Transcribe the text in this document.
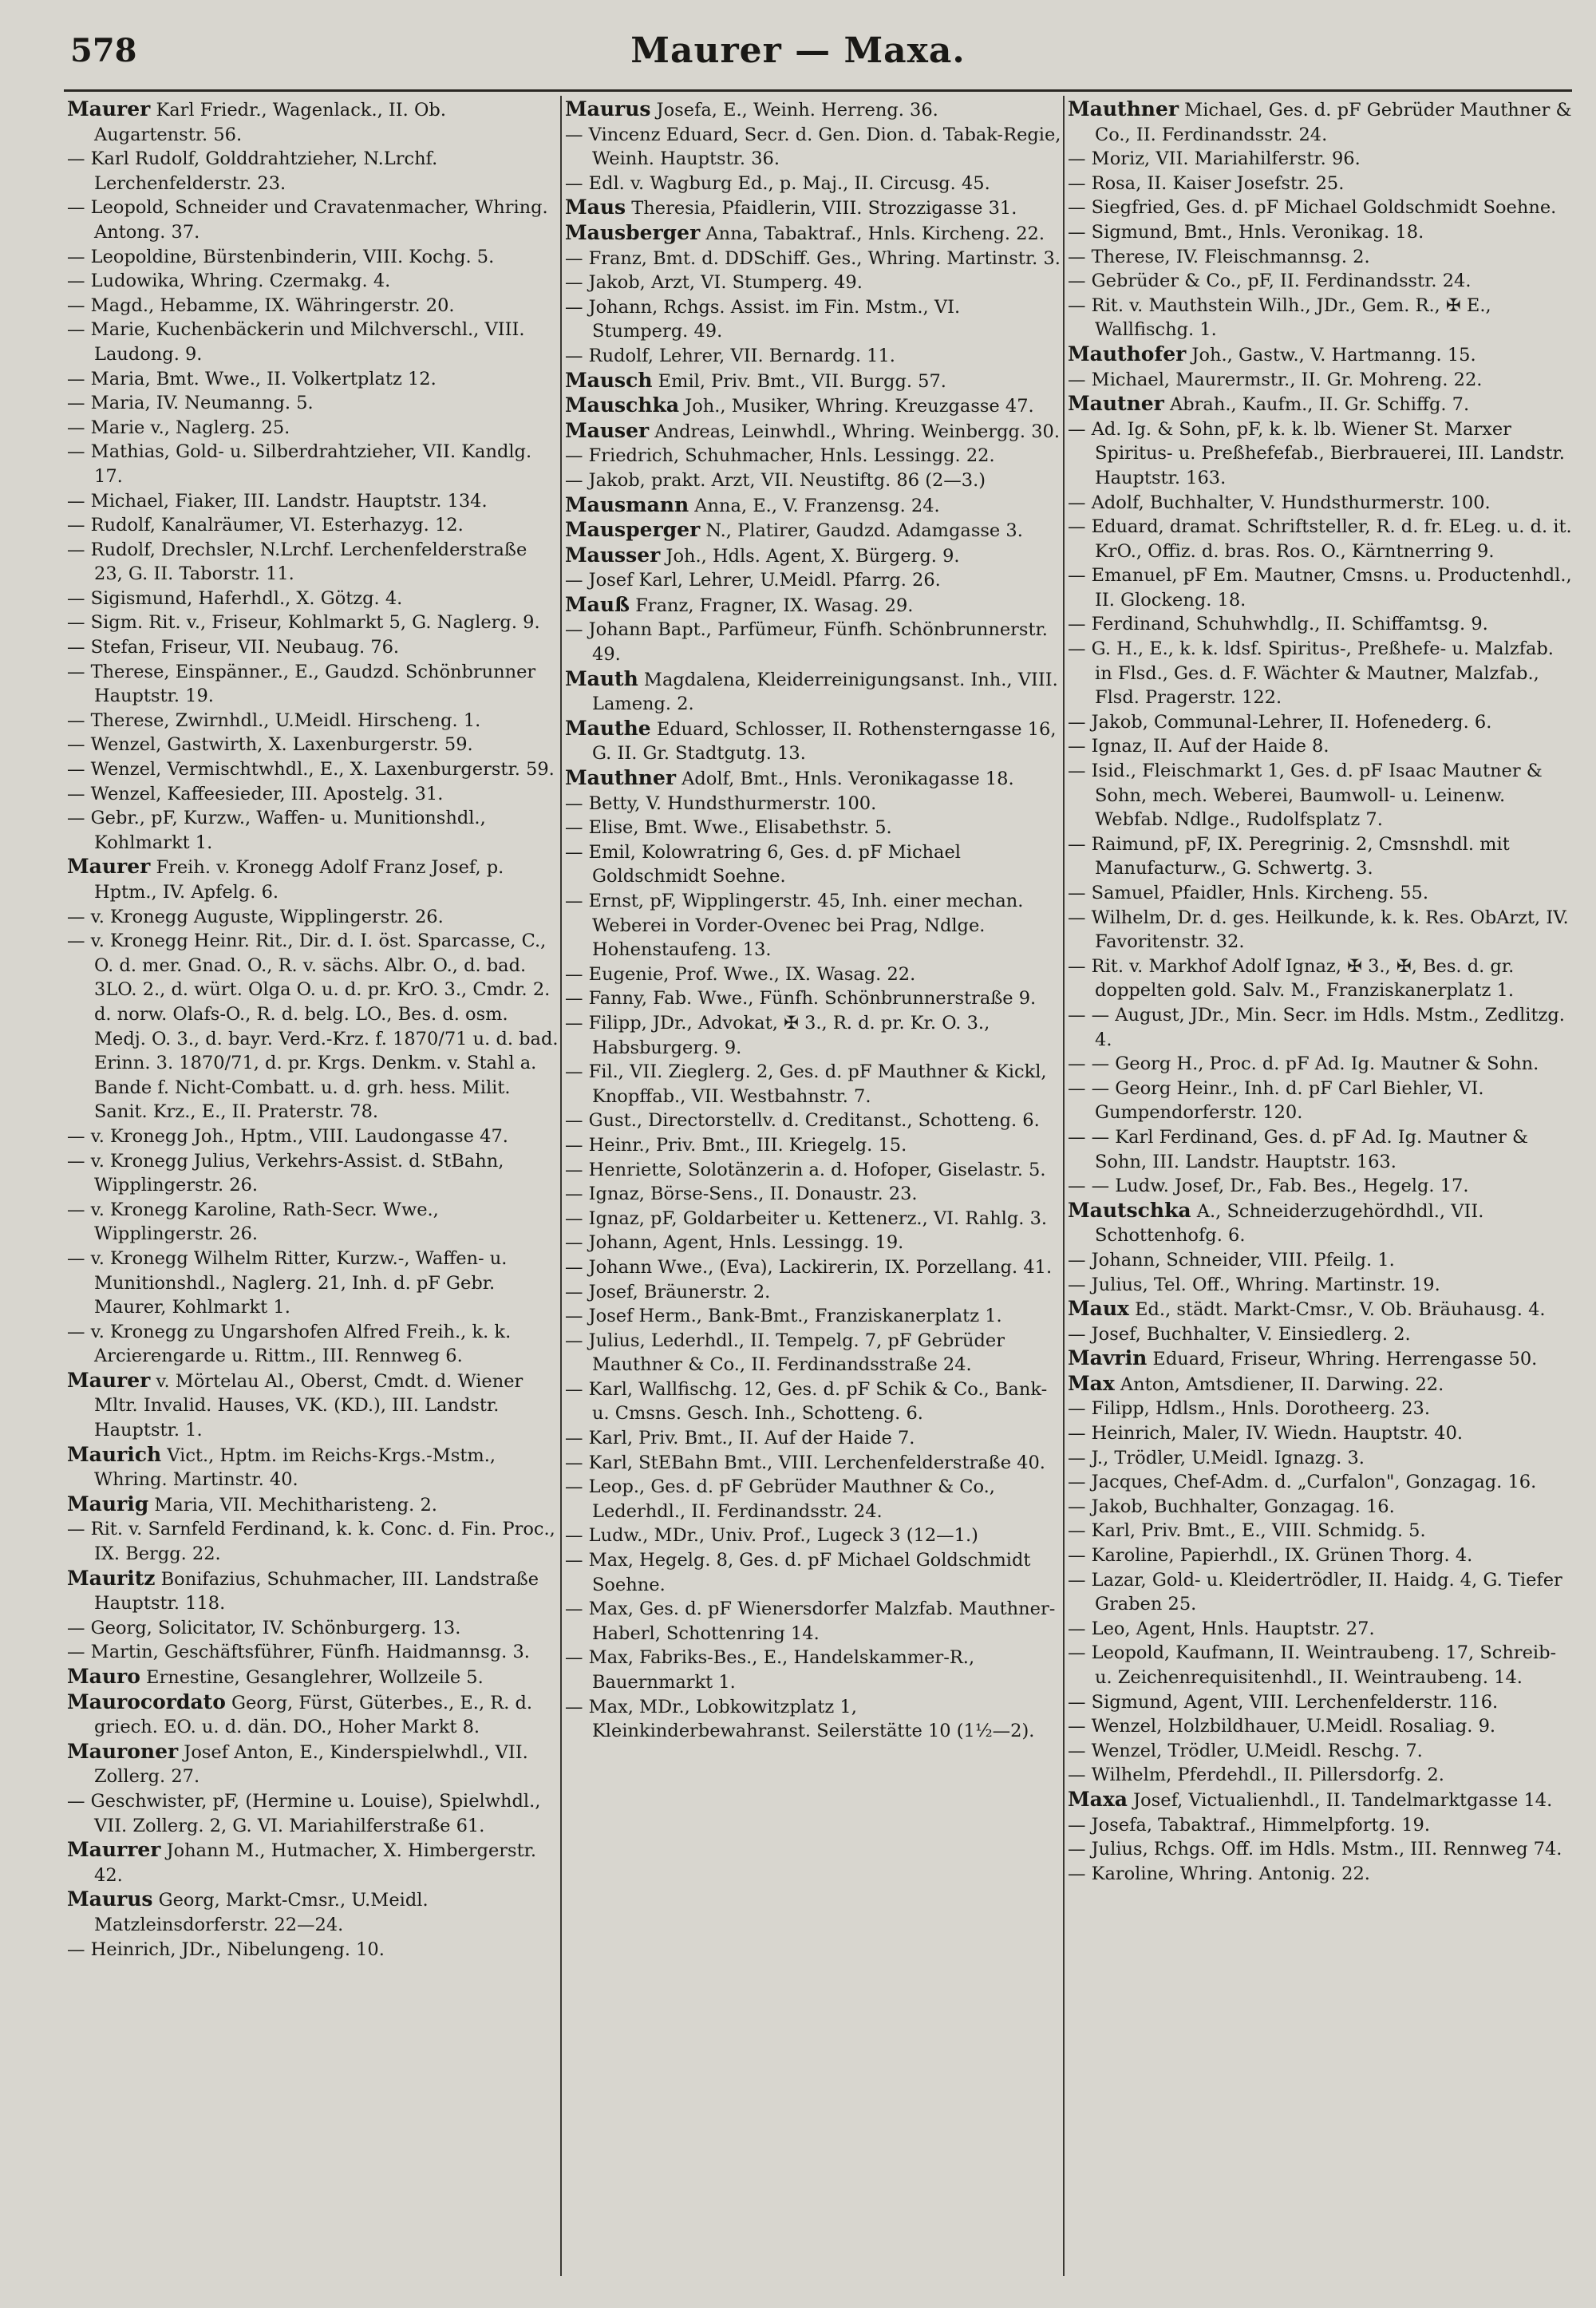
578	Maurer — Maxa.

Maurer Karl Friedr., Wagenlack., II. Ob. Augartenstr. 56.

— Karl Rudolf, Golddrahtzieher, N.Lrchf. Lerchenfelderstr. 23.

— Leopold, Schneider und Cravatenmacher, Whring. Antong. 37.

— Leopoldine, Bürstenbinderin, VIII. Kochg. 5.

— Ludowika, Whring. Czermakg. 4.

— Magd., Hebamme, IX. Währingerstr. 20.

— Marie, Kuchenbäckerin und Milchverschl., VIII. Laudong. 9.

— Maria, Bmt. Wwe., II. Volkertplatz 12.

— Maria, IV. Neumanng. 5.

— Marie v., Naglerg. 25.

— Mathias, Gold- u. Silberdrahtzieher, VII. Kandlg. 17.

— Michael, Fiaker, III. Landstr. Hauptstr. 134.

— Rudolf, Kanalräumer, VI. Esterhazyg. 12.

— Rudolf, Drechsler, N.Lrchf. Lerchenfelderstraße 23, G. II. Taborstr. 11.

— Sigismund, Haferhdl., X. Götzg. 4.

— Sigm. Rit. v., Friseur, Kohlmarkt 5, G. Naglerg. 9.

— Stefan, Friseur, VII. Neubaug. 76.

— Therese, Einspänner., E., Gaudzd. Schönbrunner Hauptstr. 19.

— Therese, Zwirnhdl., U.Meidl. Hirscheng. 1.

— Wenzel, Gastwirth, X. Laxenburgerstr. 59.

— Wenzel, Vermischtwhdl., E., X. Laxenburgerstr. 59.

— Wenzel, Kaffeesieder, III. Apostelg. 31.

— Gebr., pF, Kurzw., Waffen- u. Munitionshdl., Kohlmarkt 1.

Maurer Freih. v. Kronegg Adolf Franz Josef, p. Hptm., IV. Apfelg. 6.

— v. Kronegg Auguste, Wipplingerstr. 26.

— v. Kronegg Heinr. Rit., Dir. d. I. öst. Sparcasse, C., O. d. mer. Gnad. O., R. v. sächs. Albr. O., d. bad. 3LO. 2., d. würt. Olga O. u. d. pr. KrO. 3., Cmdr. 2. d. norw. Olafs-O., R. d. belg. LO., Bes. d. osm. Medj. O. 3., d. bayr. Verd.-Krz. f. 1870/71 u. d. bad. Erinn. 3. 1870/71, d. pr. Krgs. Denkm. v. Stahl a. Bande f. Nicht-Combatt. u. d. grh. hess. Milit. Sanit. Krz., E., II. Praterstr. 78.

— v. Kronegg Joh., Hptm., VIII. Laudongasse 47.

— v. Kronegg Julius, Verkehrs-Assist. d. StBahn, Wipplingerstr. 26.

— v. Kronegg Karoline, Rath-Secr. Wwe., Wipplingerstr. 26.

— v. Kronegg Wilhelm Ritter, Kurzw.-, Waffen- u. Munitionshdl., Naglerg. 21, Inh. d. pF Gebr. Maurer, Kohlmarkt 1.

— v. Kronegg zu Ungarshofen Alfred Freih., k. k. Arcierengarde u. Rittm., III. Rennweg 6.

Maurer v. Mörtelau Al., Oberst, Cmdt. d. Wiener Mltr. Invalid. Hauses, VK. (KD.), III. Landstr. Hauptstr. 1.

Maurich Vict., Hptm. im Reichs-Krgs.-Mstm., Whring. Martinstr. 40.

Maurig Maria, VII. Mechitharisteng. 2.

— Rit. v. Sarnfeld Ferdinand, k. k. Conc. d. Fin. Proc., IX. Bergg. 22.

Mauritz Bonifazius, Schuhmacher, III. Landstraße Hauptstr. 118.

— Georg, Solicitator, IV. Schönburgerg. 13.

— Martin, Geschäftsführer, Fünfh. Haidmannsg. 3.

Mauro Ernestine, Gesanglehrer, Wollzeile 5.

Maurocordato Georg, Fürst, Güterbes., E., R. d. griech. EO. u. d. dän. DO., Hoher Markt 8.

Mauroner Josef Anton, E., Kinderspielwhdl., VII. Zollerg. 27.

— Geschwister, pF, (Hermine u. Louise), Spielwhdl., VII. Zollerg. 2, G. VI. Mariahilferstraße 61.

Maurrer Johann M., Hutmacher, X. Himbergerstr. 42.

Maurus Georg, Markt-Cmsr., U.Meidl. Matzleinsdorferstr. 22—24.

— Heinrich, JDr., Nibelungeng. 10.

Maurus Josefa, E., Weinh. Herreng. 36.

— Vincenz Eduard, Secr. d. Gen. Dion. d. Tabak-Regie, Weinh. Hauptstr. 36.

— Edl. v. Wagburg Ed., p. Maj., II. Circusg. 45.

Maus Theresia, Pfaidlerin, VIII. Strozzigasse 31.

Mausberger Anna, Tabaktraf., Hnls. Kircheng. 22.

— Franz, Bmt. d. DDSchiff. Ges., Whring. Martinstr. 3.

— Jakob, Arzt, VI. Stumperg. 49.

— Johann, Rchgs. Assist. im Fin. Mstm., VI. Stumperg. 49.

— Rudolf, Lehrer, VII. Bernardg. 11.

Mausch Emil, Priv. Bmt., VII. Burgg. 57.

Mauschka Joh., Musiker, Whring. Kreuzgasse 47.

Mauser Andreas, Leinwhdl., Whring. Weinbergg. 30.

— Friedrich, Schuhmacher, Hnls. Lessingg. 22.

— Jakob, prakt. Arzt, VII. Neustiftg. 86 (2—3.)

Mausmann Anna, E., V. Franzensg. 24.

Mausperger N., Platirer, Gaudzd. Adamgasse 3.

Mausser Joh., Hdls. Agent, X. Bürgerg. 9.

— Josef Karl, Lehrer, U.Meidl. Pfarrg. 26.

Mauß Franz, Fragner, IX. Wasag. 29.

— Johann Bapt., Parfümeur, Fünfh. Schönbrunnerstr. 49.

Mauth Magdalena, Kleiderreinigungsanst. Inh., VIII. Lameng. 2.

Mauthe Eduard, Schlosser, II. Rothensterngasse 16, G. II. Gr. Stadtgutg. 13.

Mauthner Adolf, Bmt., Hnls. Veronikagasse 18.

— Betty, V. Hundsthurmerstr. 100.

— Elise, Bmt. Wwe., Elisabethstr. 5.

— Emil, Kolowratring 6, Ges. d. pF Michael Goldschmidt Soehne.

— Ernst, pF, Wipplingerstr. 45, Inh. einer mechan. Weberei in Vorder-Ovenec bei Prag, Ndlge. Hohenstaufeng. 13.

— Eugenie, Prof. Wwe., IX. Wasag. 22.

— Fanny, Fab. Wwe., Fünfh. Schönbrunnerstraße 9.

— Filipp, JDr., Advokat, ✠ 3., R. d. pr. Kr. O. 3., Habsburgerg. 9.

— Fil., VII. Zieglerg. 2, Ges. d. pF Mauthner & Kickl, Knopffab., VII. Westbahnstr. 7.

— Gust., Directorstellv. d. Creditanst., Schotteng. 6.

— Heinr., Priv. Bmt., III. Kriegelg. 15.

— Henriette, Solotänzerin a. d. Hofoper, Giselastr. 5.

— Ignaz, Börse-Sens., II. Donaustr. 23.

— Ignaz, pF, Goldarbeiter u. Kettenerz., VI. Rahlg. 3.

— Johann, Agent, Hnls. Lessingg. 19.

— Johann Wwe., (Eva), Lackirerin, IX. Porzellang. 41.

— Josef, Bräunerstr. 2.

— Josef Herm., Bank-Bmt., Franziskanerplatz 1.

— Julius, Lederhdl., II. Tempelg. 7, pF Gebrüder Mauthner & Co., II. Ferdinandsstraße 24.

— Karl, Wallfischg. 12, Ges. d. pF Schik & Co., Bank- u. Cmsns. Gesch. Inh., Schotteng. 6.

— Karl, Priv. Bmt., II. Auf der Haide 7.

— Karl, StEBahn Bmt., VIII. Lerchenfelderstraße 40.

— Leop., Ges. d. pF Gebrüder Mauthner & Co., Lederhdl., II. Ferdinandsstr. 24.

— Ludw., MDr., Univ. Prof., Lugeck 3 (12—1.)

— Max, Hegelg. 8, Ges. d. pF Michael Goldschmidt Soehne.

— Max, Ges. d. pF Wienersdorfer Malzfab. Mauthner-Haberl, Schottenring 14.

— Max, Fabriks-Bes., E., Handelskammer-R., Bauernmarkt 1.

— Max, MDr., Lobkowitzplatz 1, Kleinkinderbewahranst. Seilerstätte 10 (1½—2).

Mauthner Michael, Ges. d. pF Gebrüder Mauthner & Co., II. Ferdinandsstr. 24.

— Moriz, VII. Mariahilferstr. 96.

— Rosa, II. Kaiser Josefstr. 25.

— Siegfried, Ges. d. pF Michael Goldschmidt Soehne.

— Sigmund, Bmt., Hnls. Veronikag. 18.

— Therese, IV. Fleischmannsg. 2.

— Gebrüder & Co., pF, II. Ferdinandsstr. 24.

— Rit. v. Mauthstein Wilh., JDr., Gem. R., ✠ E., Wallfischg. 1.

Mauthofer Joh., Gastw., V. Hartmanng. 15.

— Michael, Maurermstr., II. Gr. Mohreng. 22.

Mautner Abrah., Kaufm., II. Gr. Schiffg. 7.

— Ad. Ig. & Sohn, pF, k. k. lb. Wiener St. Marxer Spiritus- u. Preßhefefab., Bierbrauerei, III. Landstr. Hauptstr. 163.

— Adolf, Buchhalter, V. Hundsthurmerstr. 100.

— Eduard, dramat. Schriftsteller, R. d. fr. ELeg. u. d. it. KrO., Offiz. d. bras. Ros. O., Kärntnerring 9.

— Emanuel, pF Em. Mautner, Cmsns. u. Productenhdl., II. Glockeng. 18.

— Ferdinand, Schuhwhdlg., II. Schiffamtsg. 9.

— G. H., E., k. k. ldsf. Spiritus-, Preßhefe- u. Malzfab. in Flsd., Ges. d. F. Wächter & Mautner, Malzfab., Flsd. Pragerstr. 122.

— Jakob, Communal-Lehrer, II. Hofenederg. 6.

— Ignaz, II. Auf der Haide 8.

— Isid., Fleischmarkt 1, Ges. d. pF Isaac Mautner & Sohn, mech. Weberei, Baumwoll- u. Leinenw. Webfab. Ndlge., Rudolfsplatz 7.

— Raimund, pF, IX. Peregrinig. 2, Cmsnshdl. mit Manufacturw., G. Schwertg. 3.

— Samuel, Pfaidler, Hnls. Kircheng. 55.

— Wilhelm, Dr. d. ges. Heilkunde, k. k. Res. ObArzt, IV. Favoritenstr. 32.

— Rit. v. Markhof Adolf Ignaz, ✠ 3., ✠, Bes. d. gr. doppelten gold. Salv. M., Franziskanerplatz 1.

— — August, JDr., Min. Secr. im Hdls. Mstm., Zedlitzg. 4.

— — Georg H., Proc. d. pF Ad. Ig. Mautner & Sohn.

— — Georg Heinr., Inh. d. pF Carl Biehler, VI. Gumpendorferstr. 120.

— — Karl Ferdinand, Ges. d. pF Ad. Ig. Mautner & Sohn, III. Landstr. Hauptstr. 163.

— — Ludw. Josef, Dr., Fab. Bes., Hegelg. 17.

Mautschka A., Schneiderzugehördhdl., VII. Schottenhofg. 6.

— Johann, Schneider, VIII. Pfeilg. 1.

— Julius, Tel. Off., Whring. Martinstr. 19.

Maux Ed., städt. Markt-Cmsr., V. Ob. Bräuhausg. 4.

— Josef, Buchhalter, V. Einsiedlerg. 2.

Mavrin Eduard, Friseur, Whring. Herrengasse 50.

Max Anton, Amtsdiener, II. Darwing. 22.

— Filipp, Hdlsm., Hnls. Dorotheerg. 23.

— Heinrich, Maler, IV. Wiedn. Hauptstr. 40.

— J., Trödler, U.Meidl. Ignazg. 3.

— Jacques, Chef-Adm. d. „Curfalon", Gonzagag. 16.

— Jakob, Buchhalter, Gonzagag. 16.

— Karl, Priv. Bmt., E., VIII. Schmidg. 5.

— Karoline, Papierhdl., IX. Grünen Thorg. 4.

— Lazar, Gold- u. Kleidertrödler, II. Haidg. 4, G. Tiefer Graben 25.

— Leo, Agent, Hnls. Hauptstr. 27.

— Leopold, Kaufmann, II. Weintraubeng. 17, Schreib- u. Zeichenrequisitenhdl., II. Weintraubeng. 14.

— Sigmund, Agent, VIII. Lerchenfelderstr. 116.

— Wenzel, Holzbildhauer, U.Meidl. Rosaliag. 9.

— Wenzel, Trödler, U.Meidl. Reschg. 7.

— Wilhelm, Pferdehdl., II. Pillersdorfg. 2.

Maxa Josef, Victualienhdl., II. Tandelmarktgasse 14.

— Josefa, Tabaktraf., Himmelpfortg. 19.

— Julius, Rchgs. Off. im Hdls. Mstm., III. Rennweg 74.

— Karoline, Whring. Antonig. 22.
